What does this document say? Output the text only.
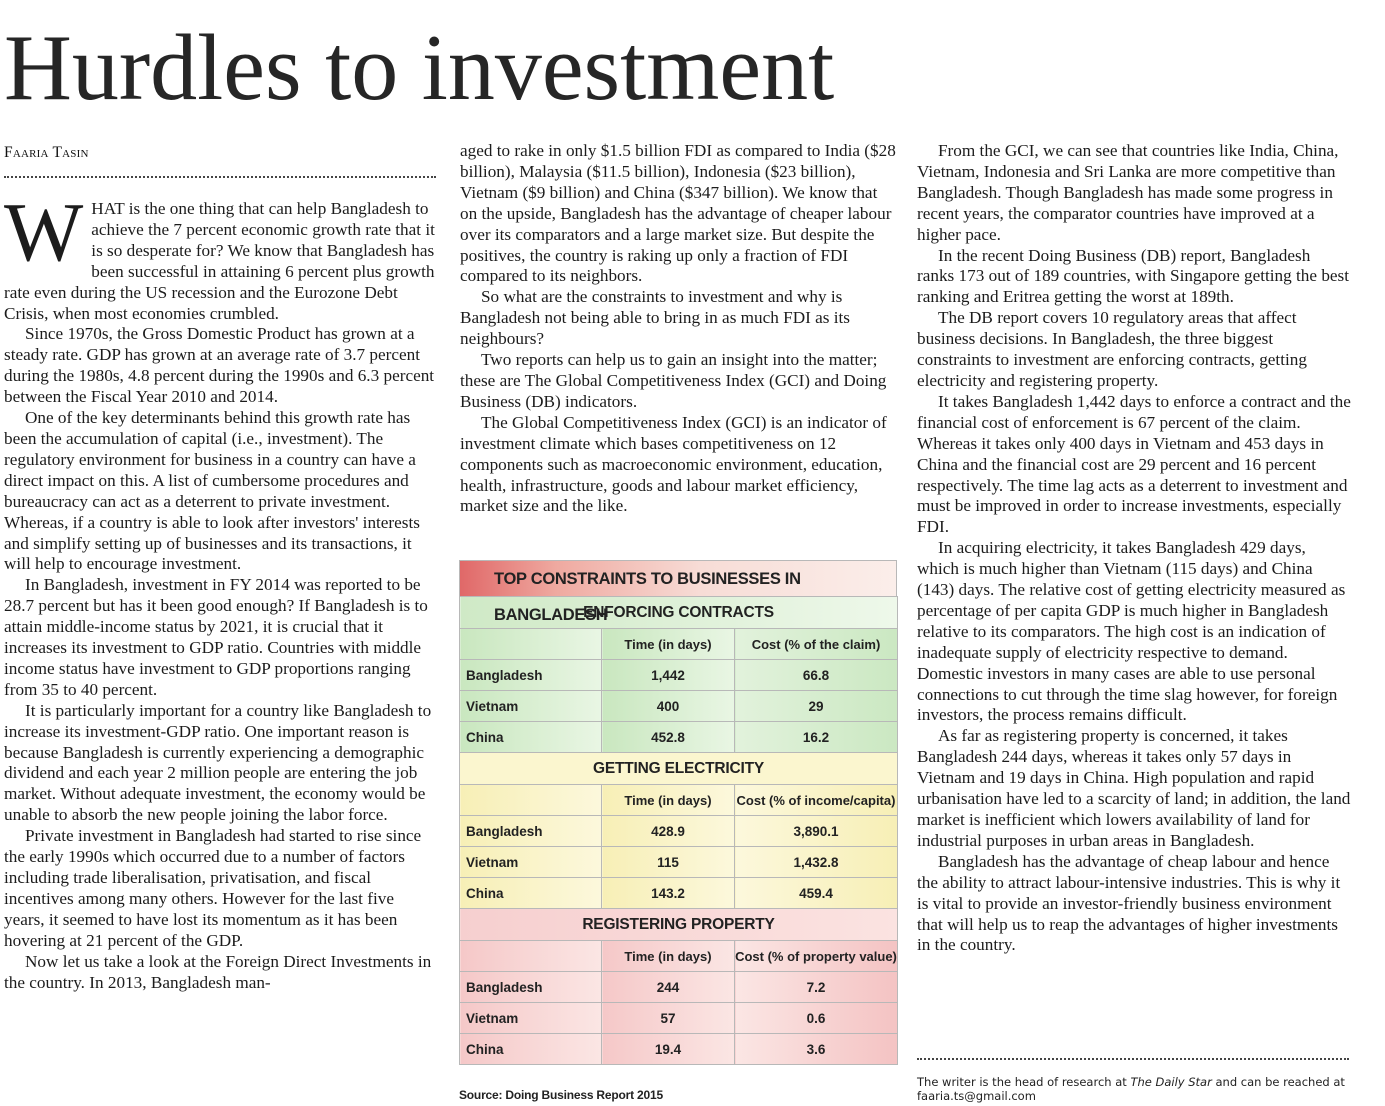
Hurdles to investment
Faaria Tasin

WHAT is the one thing that can help Bangladesh to achieve the 7 percent economic growth rate that it is so desperate for? We know that Bangladesh has been successful in attaining 6 percent plus growth rate even during the US recession and the Eurozone Debt Crisis, when most economies crumbled.

Since 1970s, the Gross Domestic Product has grown at a steady rate. GDP has grown at an average rate of 3.7 percent during the 1980s, 4.8 percent during the 1990s and 6.3 percent between the Fiscal Year 2010 and 2014.

One of the key determinants behind this growth rate has been the accumulation of capital (i.e., investment). The regulatory environment for business in a country can have a direct impact on this. A list of cumbersome procedures and bureaucracy can act as a deterrent to private investment. Whereas, if a country is able to look after investors' interests and simplify setting up of businesses and its transactions, it will help to encourage investment.

In Bangladesh, investment in FY 2014 was reported to be 28.7 percent but has it been good enough? If Bangladesh is to attain middle-income status by 2021, it is crucial that it increases its investment to GDP ratio. Countries with middle income status have investment to GDP proportions ranging from 35 to 40 percent.

It is particularly important for a country like Bangladesh to increase its investment-GDP ratio. One important reason is because Bangladesh is currently experiencing a demographic dividend and each year 2 million people are entering the job market. Without adequate investment, the economy would be unable to absorb the new people joining the labor force.

Private investment in Bangladesh had started to rise since the early 1990s which occurred due to a number of factors including trade liberalisation, privatisation, and fiscal incentives among many others. However for the last five years, it seemed to have lost its momentum as it has been hovering at 21 percent of the GDP.

Now let us take a look at the Foreign Direct Investments in the country. In 2013, Bangladesh man-

aged to rake in only $1.5 billion FDI as compared to India ($28 billion), Malaysia ($11.5 billion), Indonesia ($23 billion), Vietnam ($9 billion) and China ($347 billion). We know that on the upside, Bangladesh has the advantage of cheaper labour over its comparators and a large market size. But despite the positives, the country is raking up only a fraction of FDI compared to its neighbors.

So what are the constraints to investment and why is Bangladesh not being able to bring in as much FDI as its neighbours?

Two reports can help us to gain an insight into the matter; these are The Global Competitiveness Index (GCI) and Doing Business (DB) indicators.

The Global Competitiveness Index (GCI) is an indicator of investment climate which bases competitiveness on 12 components such as macroeconomic environment, education, health, infrastructure, goods and labour market efficiency, market size and the like.

TOP CONSTRAINTS TO BUSINESSES IN BANGLADESH
ENFORCING CONTRACTS		
	Time (in days)	Cost (% of the claim)
Bangladesh	1,442	66.8
Vietnam	400	29
China	452.8	16.2
GETTING ELECTRICITY		
	Time (in days)	Cost (% of income/capita)
Bangladesh	428.9	3,890.1
Vietnam	115	1,432.8
China	143.2	459.4
REGISTERING PROPERTY		
	Time (in days)	Cost (% of property value)
Bangladesh	244	7.2
Vietnam	57	0.6
China	19.4	3.6
Source: Doing Business Report 2015

From the GCI, we can see that countries like India, China, Vietnam, Indonesia and Sri Lanka are more competitive than Bangladesh. Though Bangladesh has made some progress in recent years, the comparator countries have improved at a higher pace.

In the recent Doing Business (DB) report, Bangladesh ranks 173 out of 189 countries, with Singapore getting the best ranking and Eritrea getting the worst at 189th.

The DB report covers 10 regulatory areas that affect business decisions. In Bangladesh, the three biggest constraints to investment are enforcing contracts, getting electricity and registering property.

It takes Bangladesh 1,442 days to enforce a contract and the financial cost of enforcement is 67 percent of the claim. Whereas it takes only 400 days in Vietnam and 453 days in China and the financial cost are 29 percent and 16 percent respectively. The time lag acts as a deterrent to investment and must be improved in order to increase investments, especially FDI.

In acquiring electricity, it takes Bangladesh 429 days, which is much higher than Vietnam (115 days) and China (143) days. The relative cost of getting electricity measured as percentage of per capita GDP is much higher in Bangladesh relative to its comparators. The high cost is an indication of inadequate supply of electricity respective to demand. Domestic investors in many cases are able to use personal connections to cut through the time slag however, for foreign investors, the process remains difficult.

As far as registering property is concerned, it takes Bangladesh 244 days, whereas it takes only 57 days in Vietnam and 19 days in China. High population and rapid urbanisation have led to a scarcity of land; in addition, the land market is inefficient which lowers availability of land for industrial purposes in urban areas in Bangladesh.

Bangladesh has the advantage of cheap labour and hence the ability to attract labour-intensive industries. This is why it is vital to provide an investor-friendly business environment that will help us to reap the advantages of higher investments in the country.

The writer is the head of research at The Daily Star and can be reached at faaria.ts@gmail.com
